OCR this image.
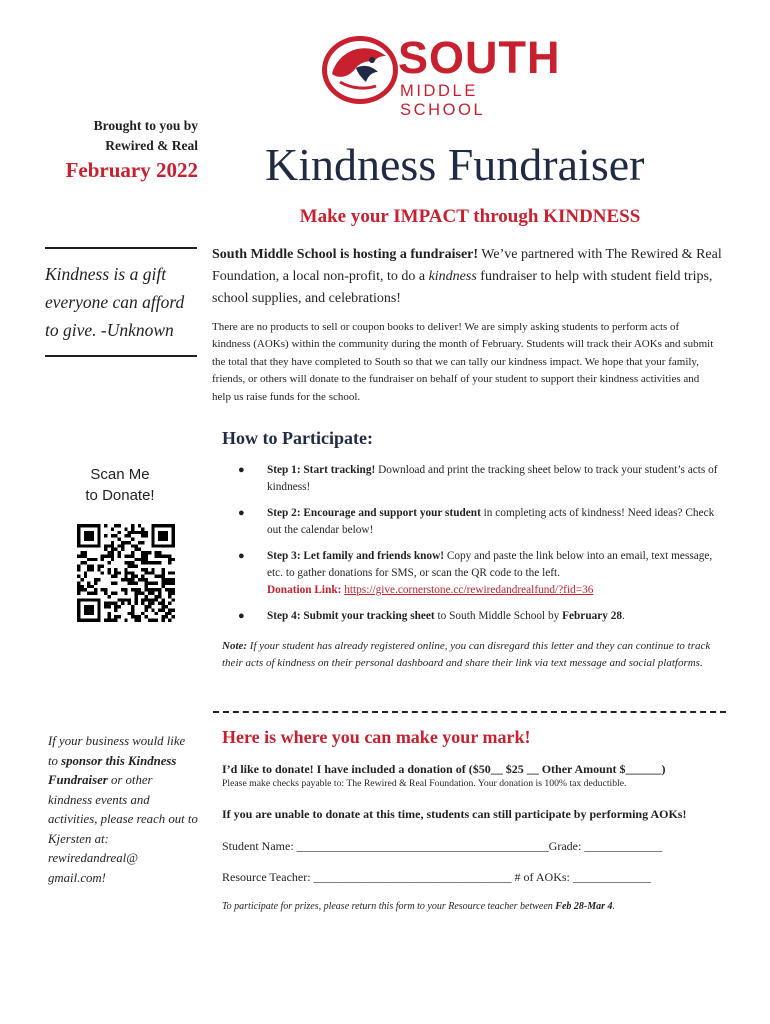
SOUTH
MIDDLE SCHOOL
Brought to you by
Rewired & Real
February 2022 Kindness Fundraiser
Make your IMPACT through KINDNESS
Kindness is a gift
everyone can afford
to give. -Unknown
South Middle School is hosting a fundraiser! We’ve partnered with The Rewired & Real Foundation, a local non-profit, to do a kindness fundraiser to help with student field trips, school supplies, and celebrations!
There are no products to sell or coupon books to deliver! We are simply asking students to perform acts of kindness (AOKs) within the community during the month of February. Students will track their AOKs and submit the total that they have completed to South so that we can tally our kindness impact. We hope that your family, friends, or others will donate to the fundraiser on behalf of your student to support their kindness activities and help us raise funds for the school.
Scan Me
to Donate!
How to Participate:
● Step 1: Start tracking! Download and print the tracking sheet below to track your student’s acts of kindness!
● Step 2: Encourage and support your student in completing acts of kindness! Need ideas? Check out the calendar below!
● Step 3: Let family and friends know! Copy and paste the link below into an email, text message, etc. to gather donations for SMS, or scan the QR code to the left.
Donation Link: https://give.cornerstone.cc/rewiredandrealfund/?fid=36
● Step 4: Submit your tracking sheet to South Middle School by February 28.
Note: If your student has already registered online, you can disregard this letter and they can continue to track their acts of kindness on their personal dashboard and share their link via text message and social platforms.
If your business would like to sponsor this Kindness Fundraiser or other kindness events and activities, please reach out to Kjersten at: rewiredandreal@ gmail.com!
Here is where you can make your mark!
I’d like to donate! I have included a donation of ($50__ $25 __ Other Amount $______)
Please make checks payable to: The Rewired & Real Foundation. Your donation is 100% tax deductible.
If you are unable to donate at this time, students can still participate by performing AOKs!
Student Name: __________________________________________Grade: _____________
Resource Teacher: _________________________________ # of AOKs: _____________
To participate for prizes, please return this form to your Resource teacher between Feb 28-Mar 4.
